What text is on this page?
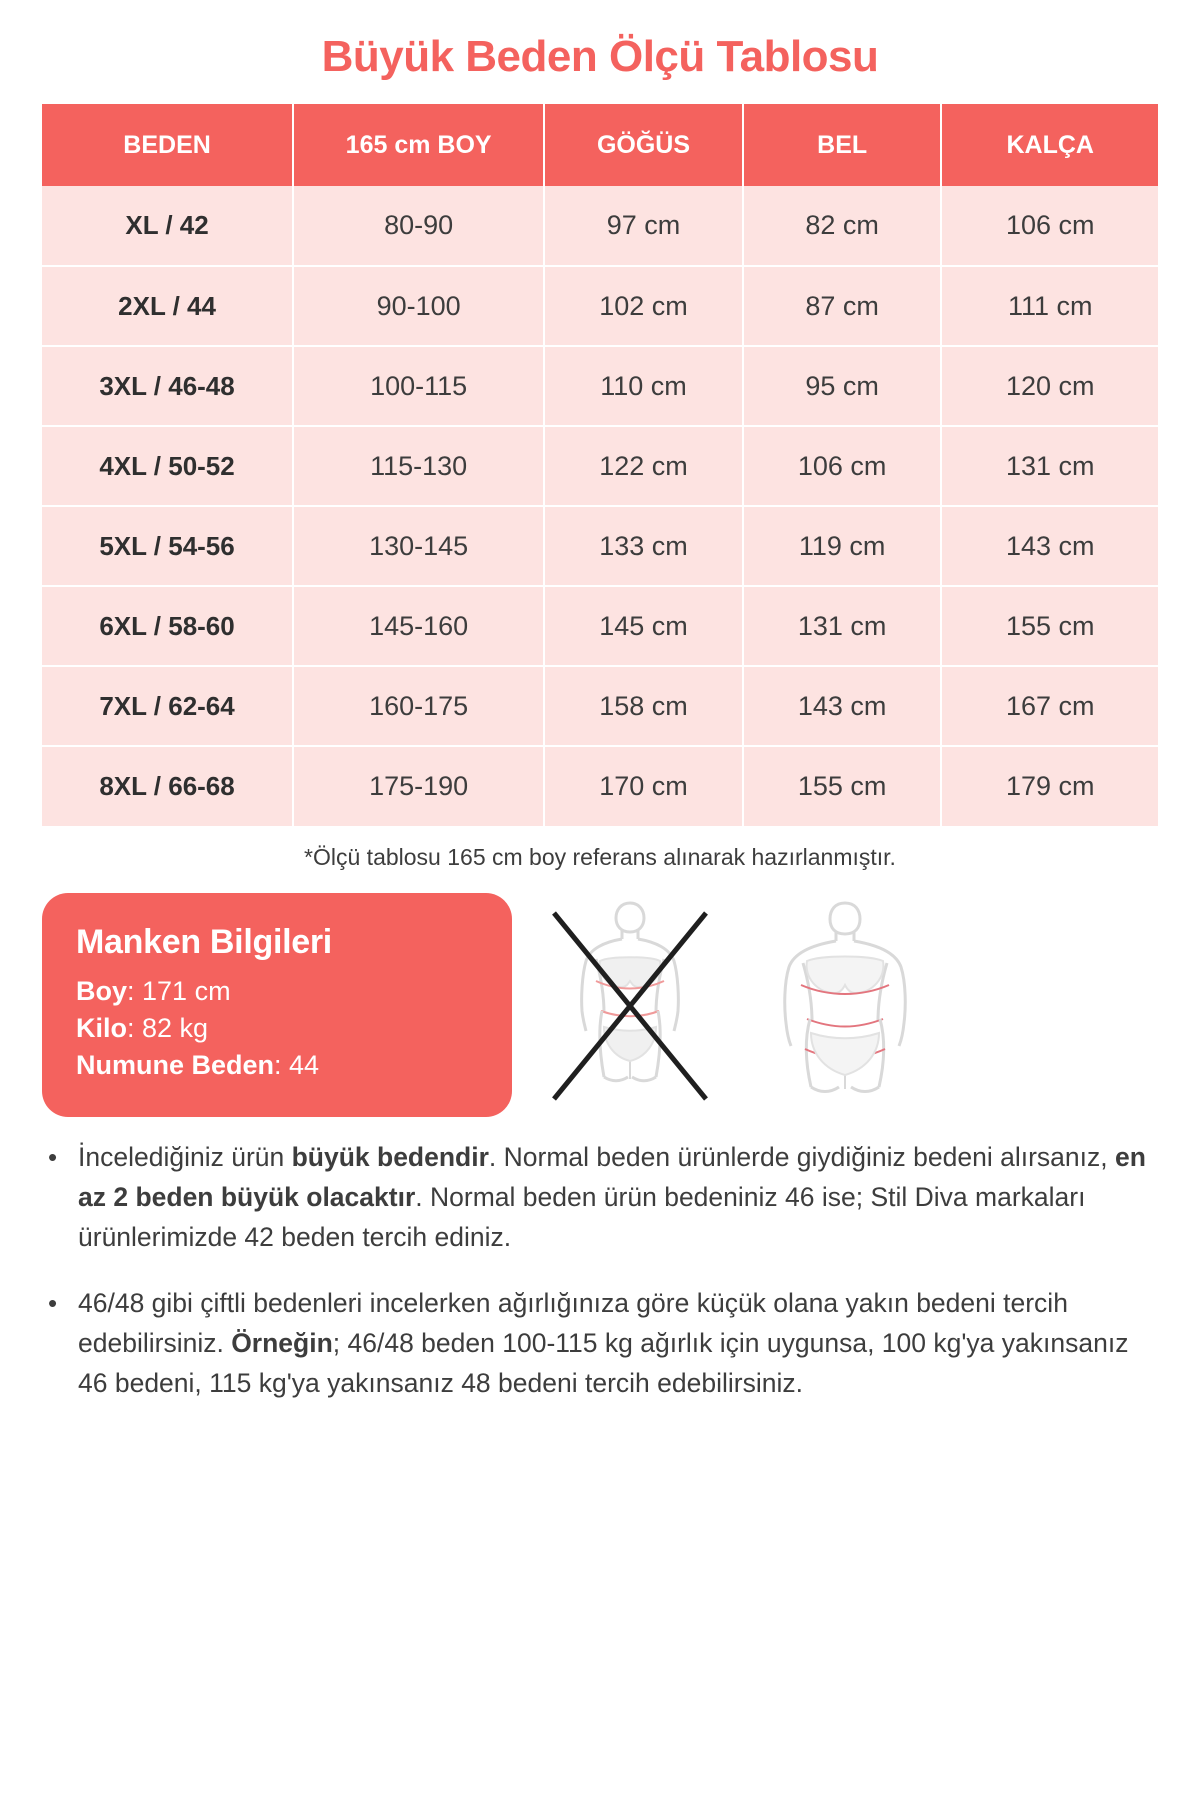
Büyük Beden Ölçü Tablosu
BEDEN	165 cm BOY	GÖĞÜS	BEL	KALÇA
XL / 42	80-90	97 cm	82 cm	106 cm
2XL / 44	90-100	102 cm	87 cm	111 cm
3XL / 46-48	100-115	110 cm	95 cm	120 cm
4XL / 50-52	115-130	122 cm	106 cm	131 cm
5XL / 54-56	130-145	133 cm	119 cm	143 cm
6XL / 58-60	145-160	145 cm	131 cm	155 cm
7XL / 62-64	160-175	158 cm	143 cm	167 cm
8XL / 66-68	175-190	170 cm	155 cm	179 cm
*Ölçü tablosu 165 cm boy referans alınarak hazırlanmıştır.
Manken Bilgileri
Boy: 171 cm
Kilo: 82 kg
Numune Beden: 44
• İncelediğiniz ürün büyük bedendir. Normal beden ürünlerde giydiğiniz bedeni alırsanız, en az 2 beden büyük olacaktır. Normal beden ürün bedeniniz 46 ise; Stil Diva markaları ürünlerimizde 42 beden tercih ediniz.
• 46/48 gibi çiftli bedenleri incelerken ağırlığınıza göre küçük olana yakın bedeni tercih edebilirsiniz. Örneğin; 46/48 beden 100-115 kg ağırlık için uygunsa, 100 kg'ya yakınsanız 46 bedeni, 115 kg'ya yakınsanız 48 bedeni tercih edebilirsiniz.
